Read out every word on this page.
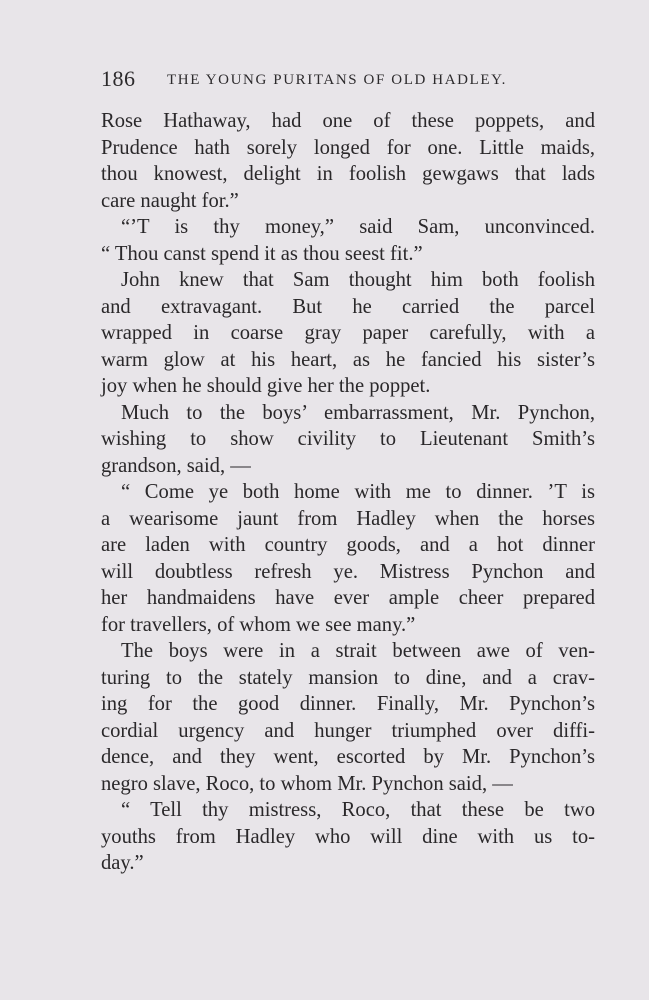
186 THE YOUNG PURITANS OF OLD HADLEY.
Rose Hathaway, had one of these poppets, and
Prudence hath sorely longed for one. Little maids,
thou knowest, delight in foolish gewgaws that lads
care naught for.”
“’T is thy money,” said Sam, unconvinced.
“ Thou canst spend it as thou seest fit.”
John knew that Sam thought him both foolish
and extravagant. But he carried the parcel
wrapped in coarse gray paper carefully, with a
warm glow at his heart, as he fancied his sister’s
joy when he should give her the poppet.
Much to the boys’ embarrassment, Mr. Pynchon,
wishing to show civility to Lieutenant Smith’s
grandson, said, —
“ Come ye both home with me to dinner. ’T is
a wearisome jaunt from Hadley when the horses
are laden with country goods, and a hot dinner
will doubtless refresh ye. Mistress Pynchon and
her handmaidens have ever ample cheer prepared
for travellers, of whom we see many.”
The boys were in a strait between awe of ven-
turing to the stately mansion to dine, and a crav-
ing for the good dinner. Finally, Mr. Pynchon’s
cordial urgency and hunger triumphed over diffi-
dence, and they went, escorted by Mr. Pynchon’s
negro slave, Roco, to whom Mr. Pynchon said, —
“ Tell thy mistress, Roco, that these be two
youths from Hadley who will dine with us to-
day.”
